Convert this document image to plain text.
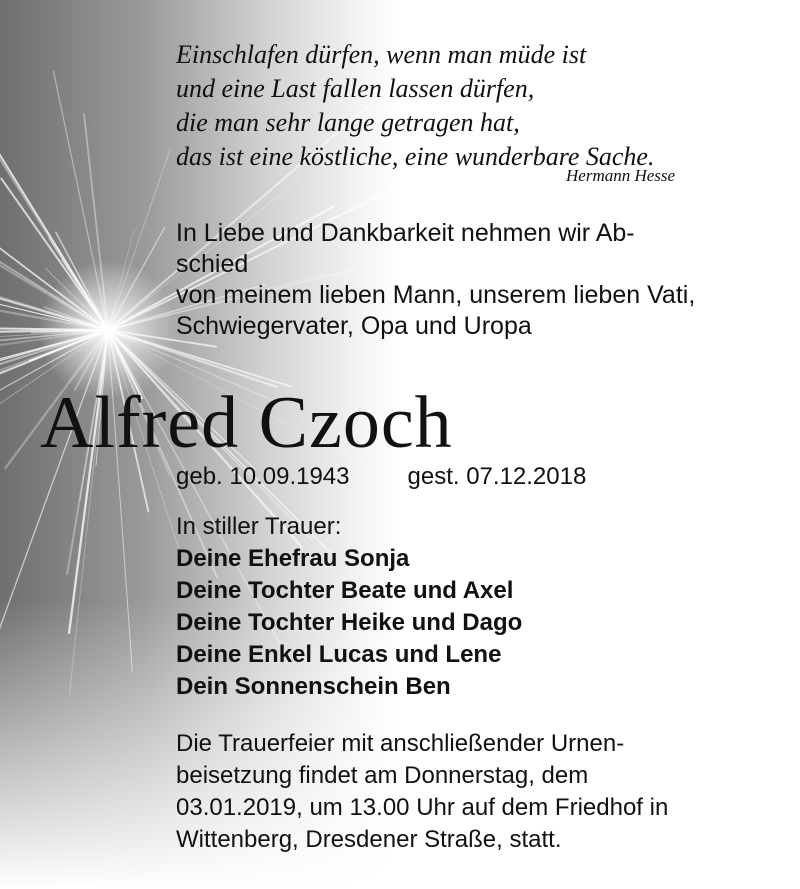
Einschlafen dürfen, wenn man müde ist
und eine Last fallen lassen dürfen,
die man sehr lange getragen hat,
das ist eine köstliche, eine wunderbare Sache.
Hermann Hesse
In Liebe und Dankbarkeit nehmen wir Ab-
schied
von meinem lieben Mann, unserem lieben Vati,
Schwiegervater, Opa und Uropa
Alfred Czoch
geb. 10.09.1943 gest. 07.12.2018
In stiller Trauer:
Deine Ehefrau Sonja
Deine Tochter Beate und Axel
Deine Tochter Heike und Dago
Deine Enkel Lucas und Lene
Dein Sonnenschein Ben
Die Trauerfeier mit anschließender Urnen-
beisetzung findet am Donnerstag, dem
03.01.2019, um 13.00 Uhr auf dem Friedhof in
Wittenberg, Dresdener Straße, statt.
